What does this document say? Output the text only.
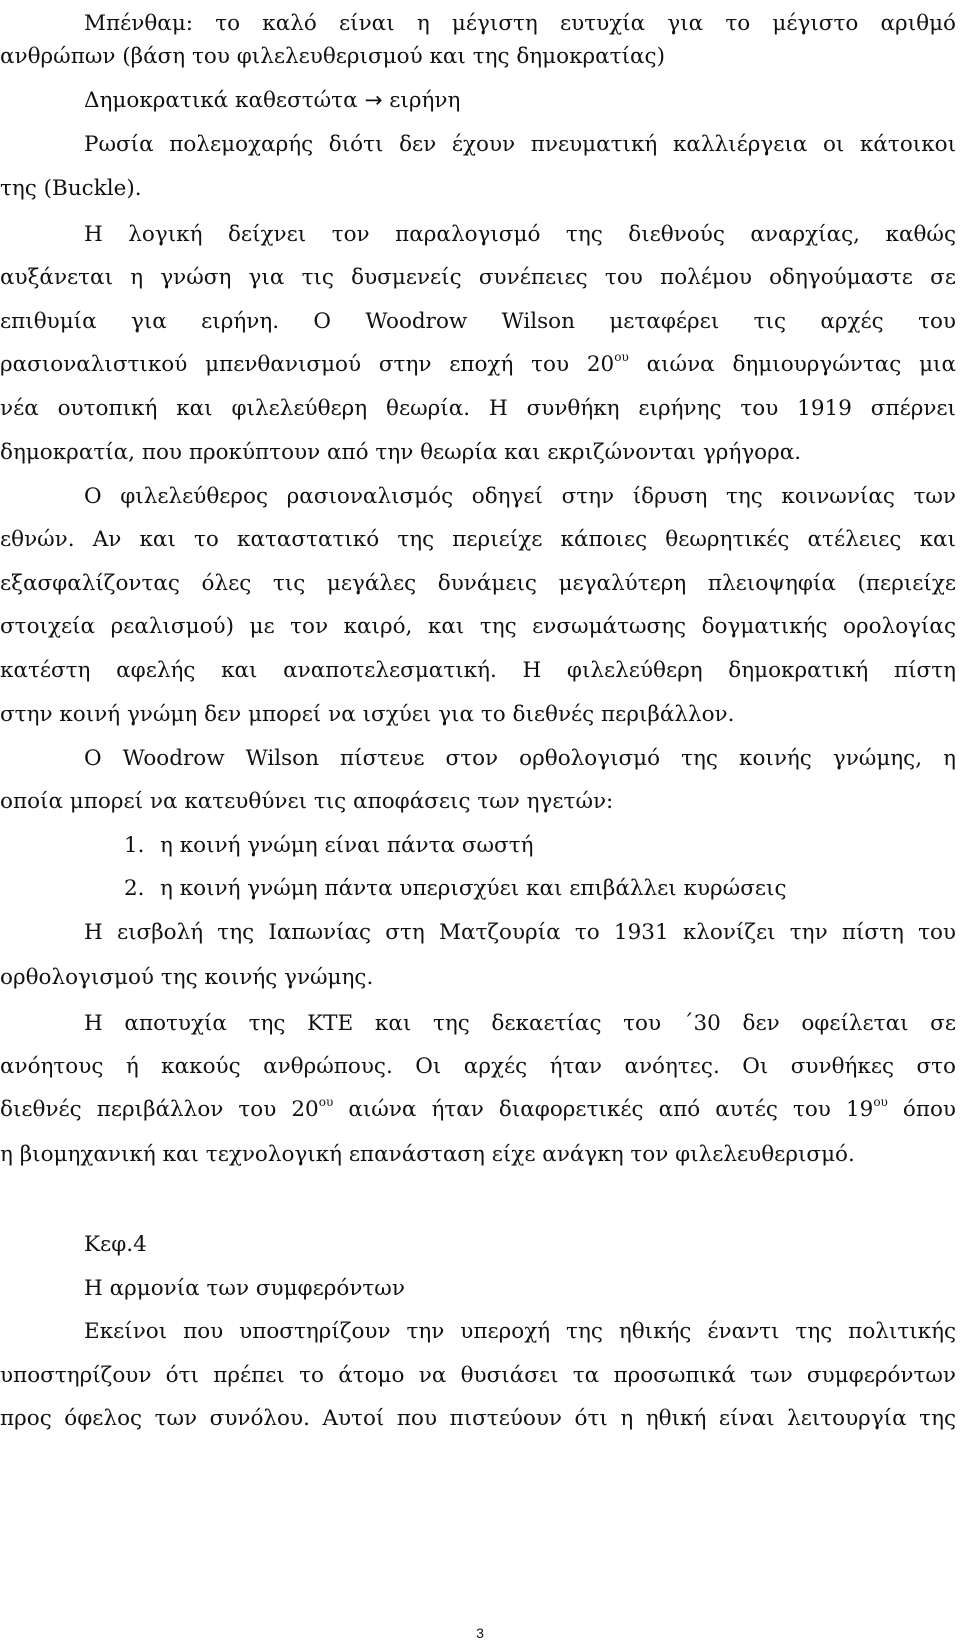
Μπένθαμ: το καλό είναι η μέγιστη ευτυχία για το μέγιστο αριθμό
ανθρώπων (βάση του φιλελευθερισμού και της δημοκρατίας)
Δημοκρατικά καθεστώτα → ειρήνη
Ρωσία πολεμοχαρής διότι δεν έχουν πνευματική καλλιέργεια οι κάτοικοι
της (Buckle).
Η λογική δείχνει τον παραλογισμό της διεθνούς αναρχίας, καθώς
αυξάνεται η γνώση για τις δυσμενείς συνέπειες του πολέμου οδηγούμαστε σε
επιθυμία για ειρήνη. Ο Woodrow Wilson μεταφέρει τις αρχές του
ρασιοναλιστικού μπενθανισμού στην εποχή του $20^{o\upsilon}$ αιώνα δημιουργώντας μια
νέα ουτοπική και φιλελεύθερη θεωρία. Η συνθήκη ειρήνης του 1919 σπέρνει
δημοκρατία, που προκύπτουν από την θεωρία και εκριζώνονται γρήγορα.
Ο φιλελεύθερος ρασιοναλισμός οδηγεί στην ίδρυση της κοινωνίας των
εθνών. Αν και το καταστατικό της περιείχε κάποιες θεωρητικές ατέλειες και
εξασφαλίζοντας όλες τις μεγάλες δυνάμεις μεγαλύτερη πλειοψηφία (περιείχε
στοιχεία ρεαλισμού) με τον καιρό, και της ενσωμάτωσης δογματικής ορολογίας
κατέστη αφελής και αναποτελεσματική. Η φιλελεύθερη δημοκρατική πίστη
στην κοινή γνώμη δεν μπορεί να ισχύει για το διεθνές περιβάλλον.
Ο Woodrow Wilson πίστευε στον ορθολογισμό της κοινής γνώμης, η
οποία μπορεί να κατευθύνει τις αποφάσεις των ηγετών:
1. η κοινή γνώμη είναι πάντα σωστή
2. η κοινή γνώμη πάντα υπερισχύει και επιβάλλει κυρώσεις
Η εισβολή της Ιαπωνίας στη Ματζουρία το 1931 κλονίζει την πίστη του
ορθολογισμού της κοινής γνώμης.
Η αποτυχία της ΚΤΕ και της δεκαετίας του ΄30 δεν οφείλεται σε
ανόητους ή κακούς ανθρώπους. Οι αρχές ήταν ανόητες. Οι συνθήκες στο
διεθνές περιβάλλον του $20^{o\upsilon}$ αιώνα ήταν διαφορετικές από αυτές του $19^{o\upsilon}$ όπου
η βιομηχανική και τεχνολογική επανάσταση είχε ανάγκη τον φιλελευθερισμό.
Κεφ.4
Η αρμονία των συμφερόντων
Εκείνοι που υποστηρίζουν την υπεροχή της ηθικής έναντι της πολιτικής
υποστηρίζουν ότι πρέπει το άτομο να θυσιάσει τα προσωπικά των συμφερόντων
προς όφελος των συνόλου. Αυτοί που πιστεύουν ότι η ηθική είναι λειτουργία της
3
